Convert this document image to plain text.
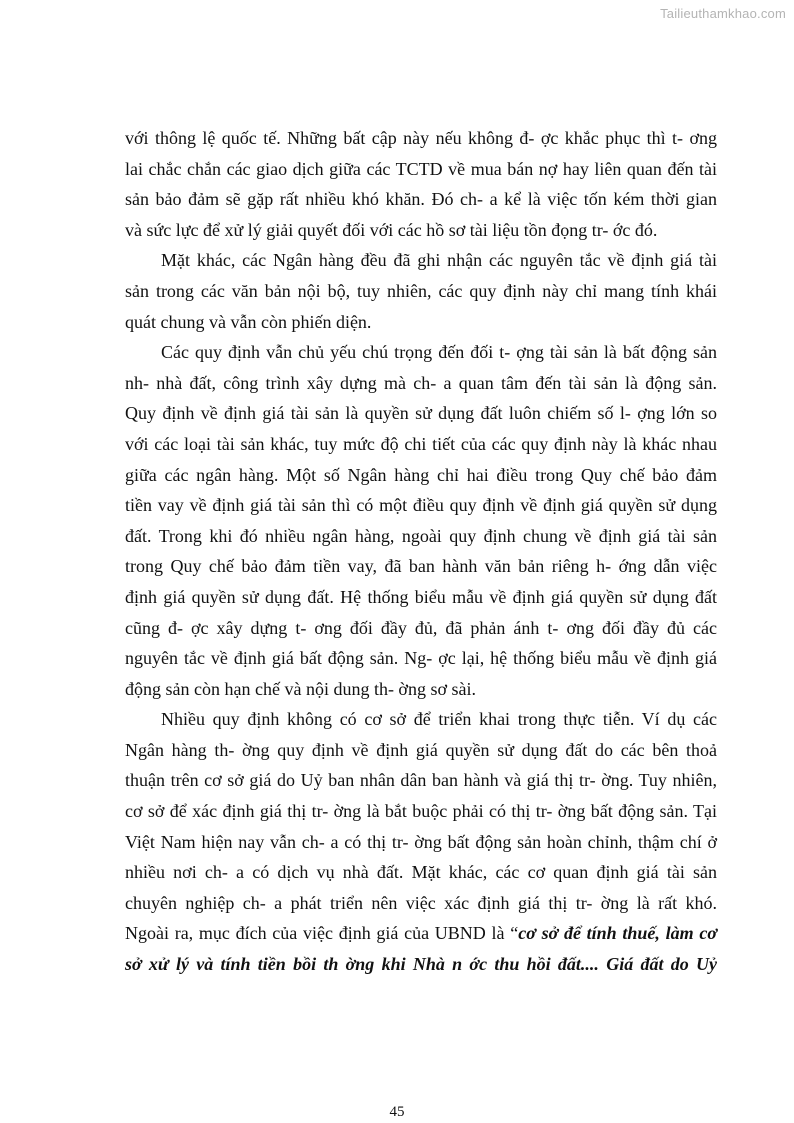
Tailieuthamkhao.com
với thông lệ quốc tế. Những bất cập này nếu không đ- ợc khắc phục thì t- ơng
lai chắc chắn các giao dịch giữa các TCTD về mua bán nợ hay liên quan đến tài
sản bảo đảm sẽ gặp rất nhiều khó khăn. Đó ch- a kể là việc tốn kém thời gian
và sức lực để xử lý giải quyết đối với các hồ sơ tài liệu tồn đọng tr- ớc đó.
Mặt khác, các Ngân hàng đều đã ghi nhận các nguyên tắc về định giá tài
sản trong các văn bản nội bộ, tuy nhiên, các quy định này chỉ mang tính khái
quát chung và vẫn còn phiến diện.
Các quy định vẫn chủ yếu chú trọng đến đối t- ợng tài sản là bất động sản
nh- nhà đất, công trình xây dựng mà ch- a quan tâm đến tài sản là động sản.
Quy định về định giá tài sản là quyền sử dụng đất luôn chiếm số l- ợng lớn so
với các loại tài sản khác, tuy mức độ chi tiết của các quy định này là khác nhau
giữa các ngân hàng. Một số Ngân hàng chỉ hai điều trong Quy chế bảo đảm
tiền vay về định giá tài sản thì có một điều quy định về định giá quyền sử dụng
đất. Trong khi đó nhiều ngân hàng, ngoài quy định chung về định giá tài sản
trong Quy chế bảo đảm tiền vay, đã ban hành văn bản riêng h- ớng dẫn việc
định giá quyền sử dụng đất. Hệ thống biểu mẫu về định giá quyền sử dụng đất
cũng đ- ợc xây dựng t- ơng đối đầy đủ, đã phản ánh t- ơng đối đầy đủ các
nguyên tắc về định giá bất động sản. Ng- ợc lại, hệ thống biểu mẫu về định giá
động sản còn hạn chế và nội dung th- ờng sơ sài.
Nhiều quy định không có cơ sở để triển khai trong thực tiễn. Ví dụ các
Ngân hàng th- ờng quy định về định giá quyền sử dụng đất do các bên thoả
thuận trên cơ sở giá do Uỷ ban nhân dân ban hành và giá thị tr- ờng. Tuy nhiên,
cơ sở để xác định giá thị tr- ờng là bắt buộc phải có thị tr- ờng bất động sản. Tại
Việt Nam hiện nay vẫn ch- a có thị tr- ờng bất động sản hoàn chỉnh, thậm chí ở
nhiều nơi ch- a có dịch vụ nhà đất. Mặt khác, các cơ quan định giá tài sản
chuyên nghiệp ch- a phát triển nên việc xác định giá thị tr- ờng là rất khó.
Ngoài ra, mục đích của việc định giá của UBND là “cơ sở để tính thuế, làm cơ
sở xử lý và tính tiền bồi th ờng khi Nhà n ớc thu hồi đất.... Giá đất do Uỷ
45
